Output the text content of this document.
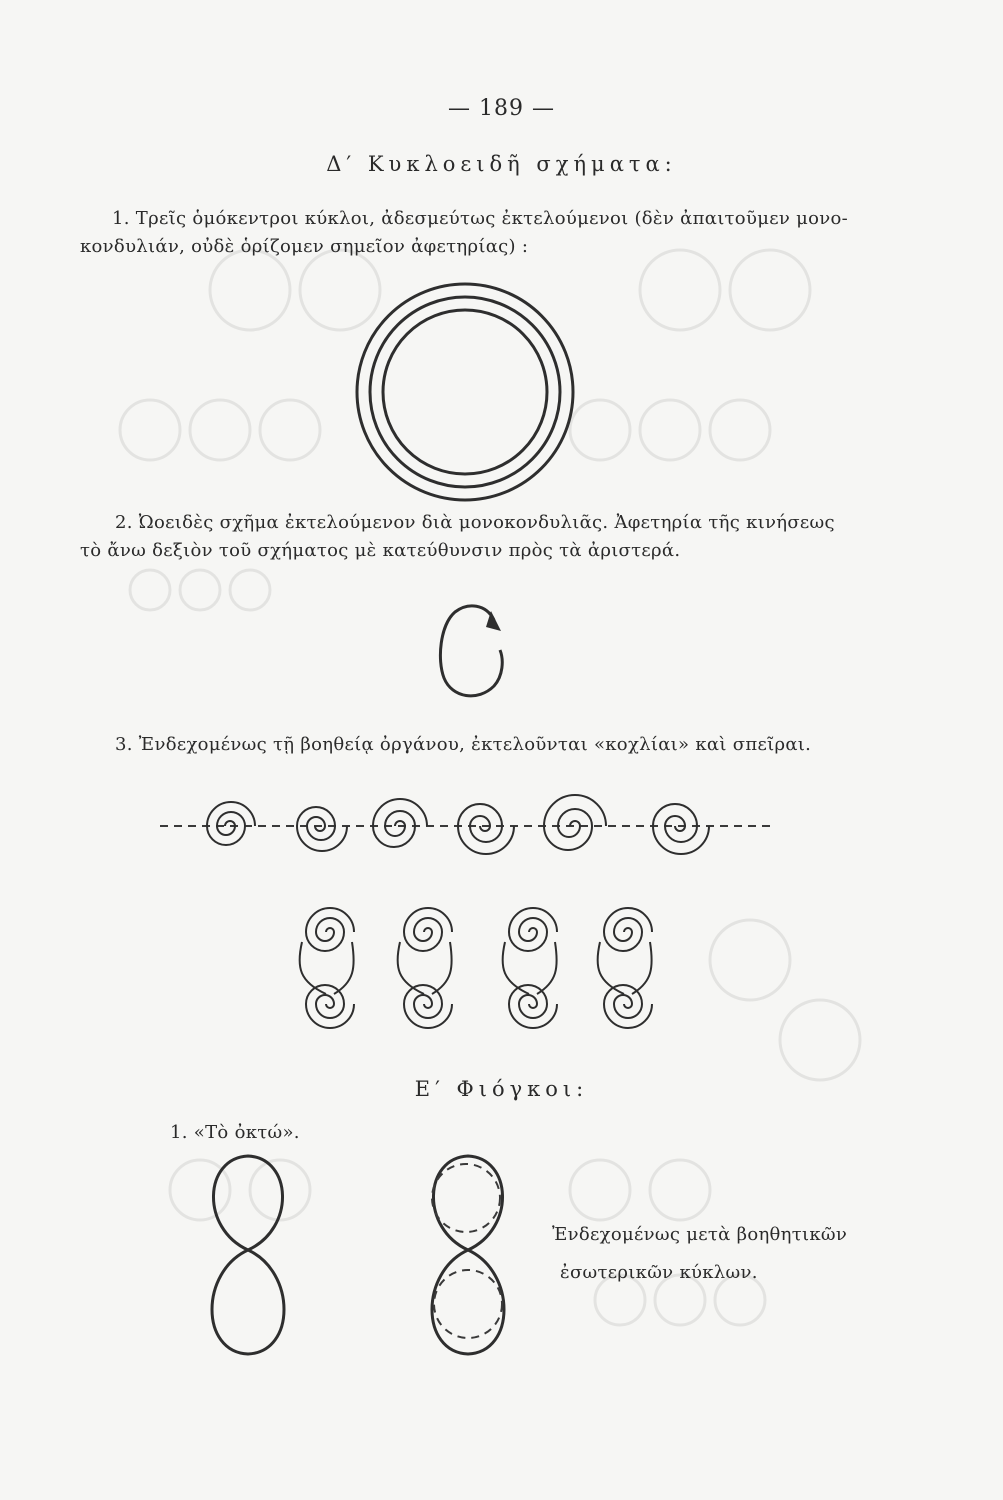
— 189 —
Δ′ Κυκλοειδῆ σχήματα:
1. Τρεῖς ὁμόκεντροι κύκλοι, ἀδεσμεύτως ἐκτελούμενοι (δὲν ἀπαιτοῦμεν μονο-
κονδυλιάν, οὐδὲ ὁρίζομεν σημεῖον ἀφετηρίας) :
2. Ὠοειδὲς σχῆμα ἐκτελούμενον διὰ μονοκονδυλιᾶς. Ἀφετηρία τῆς κινήσεως
τὸ ἄνω δεξιὸν τοῦ σχήματος μὲ κατεύθυνσιν πρὸς τὰ ἀριστερά.
3. Ἐνδεχομένως τῇ βοηθείᾳ ὀργάνου, ἐκτελοῦνται «κοχλίαι» καὶ σπεῖραι.
Ε′ Φιόγκοι:
1. «Τὸ ὀκτώ».
Ἐνδεχομένως μετὰ βοηθητικῶν
ἐσωτερικῶν κύκλων.
